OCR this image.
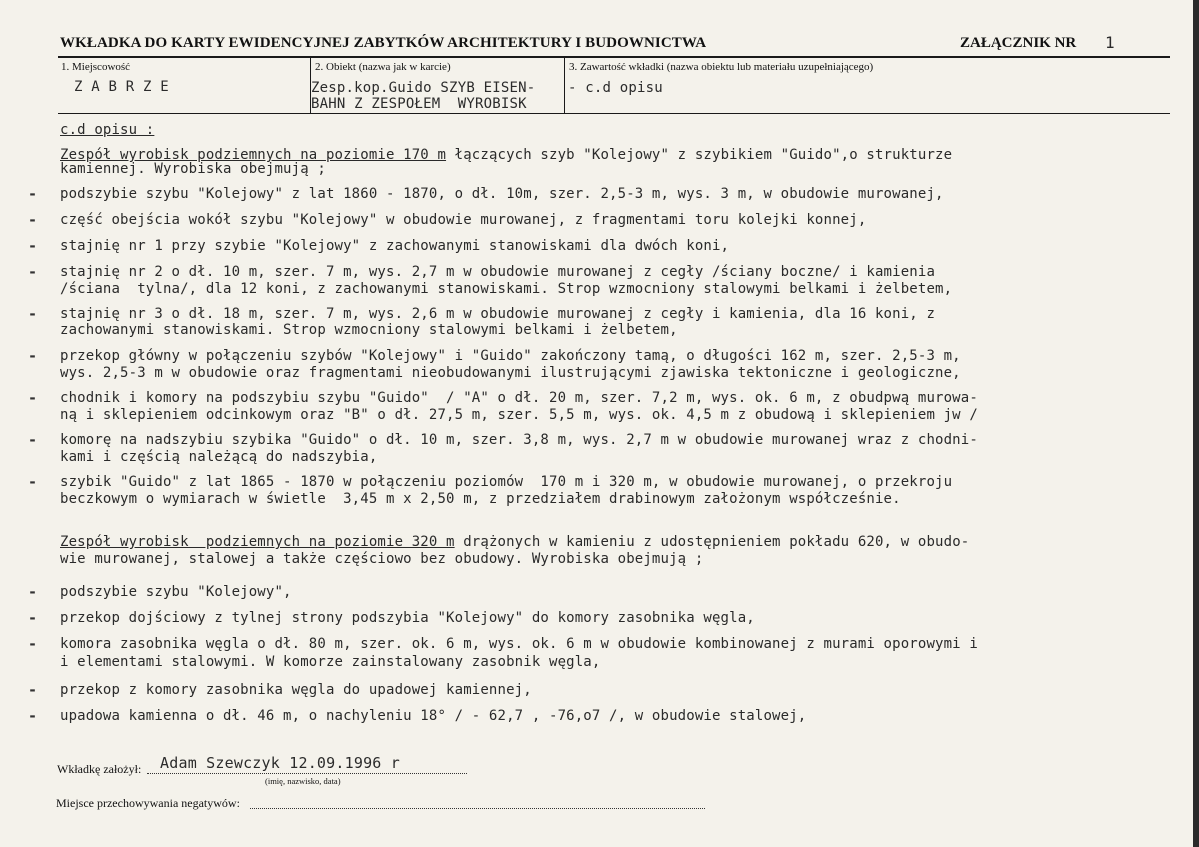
WKŁADKA DO KARTY EWIDENCYJNEJ ZABYTKÓW ARCHITEKTURY I BUDOWNICTWA	ZAŁĄCZNIK NR 1
1. Miejscowość
Z A B R Z E
2. Obiekt (nazwa jak w karcie)
Zesp.kop.Guido SZYB EISEN-
BAHN Z ZESPOŁEM  WYROBISK
3. Zawartość wkładki (nazwa obiektu lub materiału uzupełniającego)
- c.d opisu
c.d opisu :
Zespół wyrobisk podziemnych na poziomie 170 m łączących szyb "Kolejowy" z szybikiem "Guido",o strukturze
kamiennej. Wyrobiska obejmują ;
- podszybie szybu "Kolejowy" z lat 1860 - 1870, o dł. 10m, szer. 2,5-3 m, wys. 3 m, w obudowie murowanej,
- część obejścia wokół szybu "Kolejowy" w obudowie murowanej, z fragmentami toru kolejki konnej,
- stajnię nr 1 przy szybie "Kolejowy" z zachowanymi stanowiskami dla dwóch koni,
- stajnię nr 2 o dł. 10 m, szer. 7 m, wys. 2,7 m w obudowie murowanej z cegły /ściany boczne/ i kamienia
/ściana  tylna/, dla 12 koni, z zachowanymi stanowiskami. Strop wzmocniony stalowymi belkami i żelbetem,
- stajnię nr 3 o dł. 18 m, szer. 7 m, wys. 2,6 m w obudowie murowanej z cegły i kamienia, dla 16 koni, z
zachowanymi stanowiskami. Strop wzmocniony stalowymi belkami i żelbetem,
- przekop główny w połączeniu szybów "Kolejowy" i "Guido" zakończony tamą, o długości 162 m, szer. 2,5-3 m,
wys. 2,5-3 m w obudowie oraz fragmentami nieobudowanymi ilustrującymi zjawiska tektoniczne i geologiczne,
- chodnik i komory na podszybiu szybu "Guido"  / "A" o dł. 20 m, szer. 7,2 m, wys. ok. 6 m, z obudpwą murowa-
ną i sklepieniem odcinkowym oraz "B" o dł. 27,5 m, szer. 5,5 m, wys. ok. 4,5 m z obudową i sklepieniem jw /
- komorę na nadszybiu szybika "Guido" o dł. 10 m, szer. 3,8 m, wys. 2,7 m w obudowie murowanej wraz z chodni-
kami i częścią należącą do nadszybia,
- szybik "Guido" z lat 1865 - 1870 w połączeniu poziomów  170 m i 320 m, w obudowie murowanej, o przekroju
beczkowym o wymiarach w świetle  3,45 m x 2,50 m, z przedziałem drabinowym założonym współcześnie.
Zespół wyrobisk  podziemnych na poziomie 320 m drążonych w kamieniu z udostępnieniem pokładu 620, w obudo-
wie murowanej, stalowej a także częściowo bez obudowy. Wyrobiska obejmują ;
- podszybie szybu "Kolejowy",
- przekop dojściowy z tylnej strony podszybia "Kolejowy" do komory zasobnika węgla,
- komora zasobnika węgla o dł. 80 m, szer. ok. 6 m, wys. ok. 6 m w obudowie kombinowanej z murami oporowymi i
i elementami stalowymi. W komorze zainstalowany zasobnik węgla,
- przekop z komory zasobnika węgla do upadowej kamiennej,
- upadowa kamienna o dł. 46 m, o nachyleniu 18° / - 62,7 , -76,o7 /, w obudowie stalowej,
Wkładkę założył: Adam Szewczyk 12.09.1996 r
(imię, nazwisko, data)
Miejsce przechowywania negatywów:
